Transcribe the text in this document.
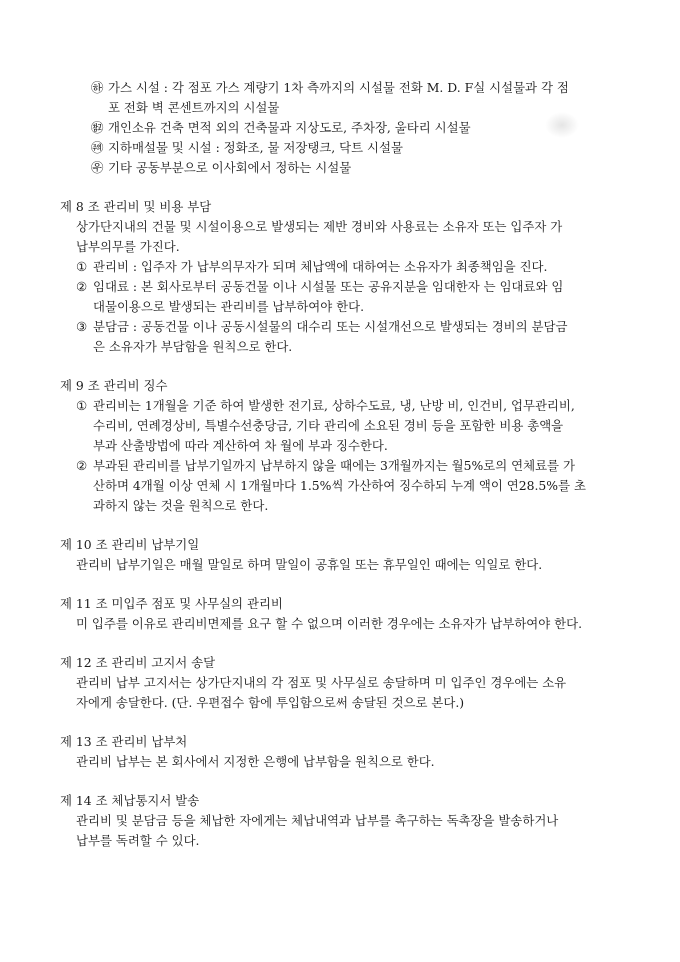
㉻ 가스 시설 : 각 점포 가스 계량기 1차 측까지의 시설물 전화 M. D. F실 시설물과 각 점
포 전화 벽 콘센트까지의 시설물
㉼ 개인소유 건축 면적 외의 건축물과 지상도로, 주차장, 울타리 시설물
㉽ 지하매설물 및 시설 : 정화조, 물 저장탱크, 닥트 시설물
㉾ 기타 공동부분으로 이사회에서 정하는 시설물
제 8 조 관리비 및 비용 부담
상가단지내의 건물 및 시설이용으로 발생되는 제반 경비와 사용료는 소유자 또는 입주자 가
납부의무를 가진다.
① 관리비 : 입주자 가 납부의무자가 되며 체납액에 대하여는 소유자가 최종책임을 진다.
② 임대료 : 본 회사로부터 공동건물 이나 시설물 또는 공유지분을 임대한자 는 임대료와 임
대물이용으로 발생되는 관리비를 납부하여야 한다.
③ 분담금 : 공동건물 이나 공동시설물의 대수리 또는 시설개선으로 발생되는 경비의 분담금
은 소유자가 부담함을 원칙으로 한다.
제 9 조 관리비 징수
① 관리비는 1개월을 기준 하여 발생한 전기료, 상하수도료, 냉, 난방 비, 인건비, 업무관리비,
수리비, 연례경상비, 특별수선충당금, 기타 관리에 소요된 경비 등을 포함한 비용 총액을
부과 산출방법에 따라 계산하여 차 월에 부과 징수한다.
② 부과된 관리비를 납부기일까지 납부하지 않을 때에는 3개월까지는 월5%로의 연체료를 가
산하며 4개월 이상 연체 시 1개월마다 1.5%씩 가산하여 징수하되 누계 액이 연28.5%를 초
과하지 않는 것을 원칙으로 한다.
제 10 조 관리비 납부기일
관리비 납부기일은 매월 말일로 하며 말일이 공휴일 또는 휴무일인 때에는 익일로 한다.
제 11 조 미입주 점포 및 사무실의 관리비
미 입주를 이유로 관리비면제를 요구 할 수 없으며 이러한 경우에는 소유자가 납부하여야 한다.
제 12 조 관리비 고지서 송달
관리비 납부 고지서는 상가단지내의 각 점포 및 사무실로 송달하며 미 입주인 경우에는 소유
자에게 송달한다. (단. 우편접수 함에 투입함으로써 송달된 것으로 본다.)
제 13 조 관리비 납부처
관리비 납부는 본 회사에서 지정한 은행에 납부함을 원칙으로 한다.
제 14 조 체납통지서 발송
관리비 및 분담금 등을 체납한 자에게는 체납내역과 납부를 촉구하는 독촉장을 발송하거나
납부를 독려할 수 있다.
